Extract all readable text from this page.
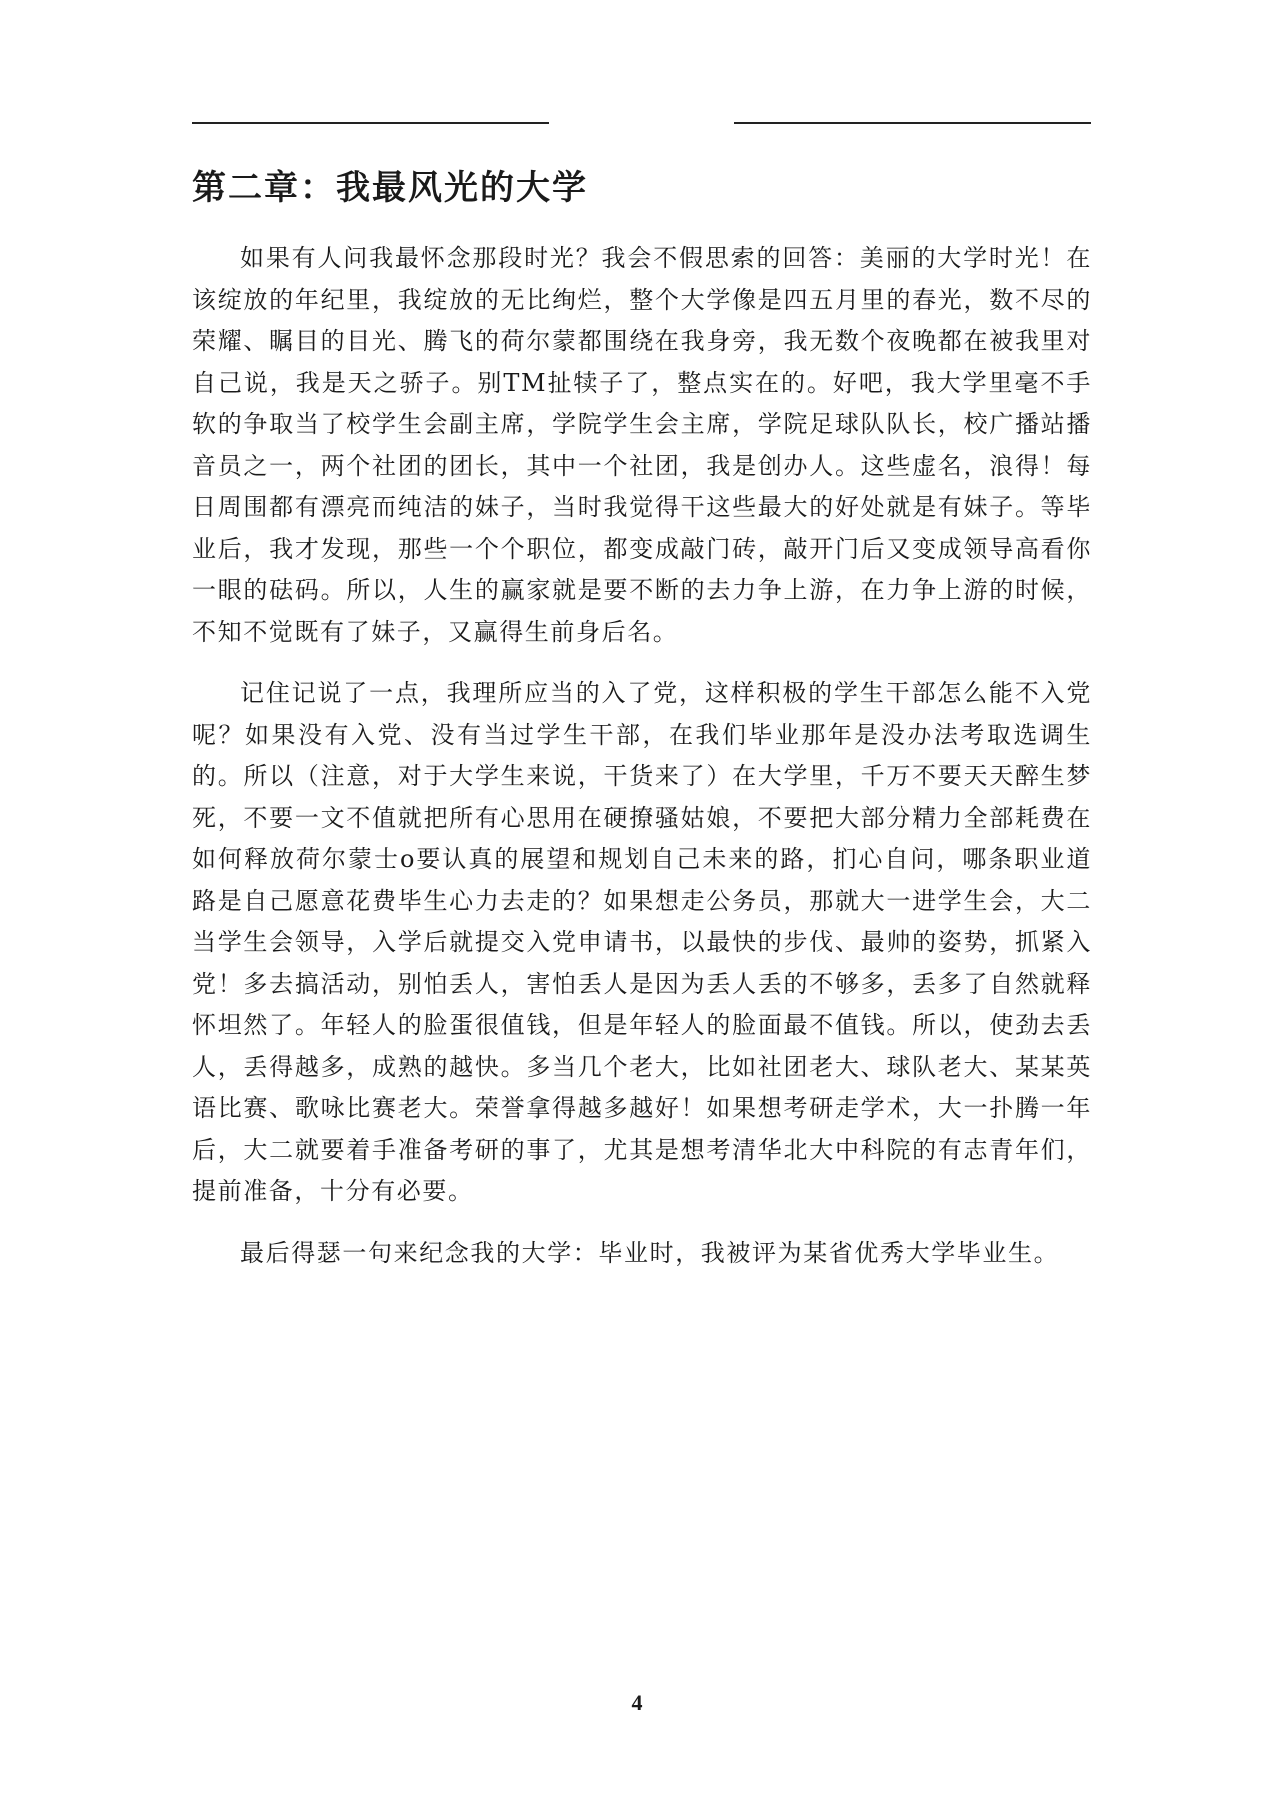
第二章：我最风光的大学

如果有人问我最怀念那段时光？我会不假思索的回答：美丽的大学时光！在该绽放的年纪里，我绽放的无比绚烂，整个大学像是四五月里的春光，数不尽的荣耀、瞩目的目光、腾飞的荷尔蒙都围绕在我身旁，我无数个夜晚都在被我里对自己说，我是天之骄子。别TM扯犊子了，整点实在的。好吧，我大学里毫不手软的争取当了校学生会副主席，学院学生会主席，学院足球队队长，校广播站播音员之一，两个社团的团长，其中一个社团，我是创办人。这些虚名，浪得！每日周围都有漂亮而纯洁的妹子，当时我觉得干这些最大的好处就是有妹子。等毕业后，我才发现，那些一个个职位，都变成敲门砖，敲开门后又变成领导高看你一眼的砝码。所以，人生的赢家就是要不断的去力争上游，在力争上游的时候，不知不觉既有了妹子，又赢得生前身后名。

记住记说了一点，我理所应当的入了党，这样积极的学生干部怎么能不入党呢？如果没有入党、没有当过学生干部，在我们毕业那年是没办法考取选调生的。所以（注意，对于大学生来说，干货来了）在大学里，千万不要天天醉生梦死，不要一文不值就把所有心思用在硬撩骚姑娘，不要把大部分精力全部耗费在如何释放荷尔蒙士o要认真的展望和规划自己未来的路，扪心自问，哪条职业道路是自己愿意花费毕生心力去走的？如果想走公务员，那就大一进学生会，大二当学生会领导，入学后就提交入党申请书，以最快的步伐、最帅的姿势，抓紧入党！多去搞活动，别怕丢人，害怕丢人是因为丢人丢的不够多，丢多了自然就释怀坦然了。年轻人的脸蛋很值钱，但是年轻人的脸面最不值钱。所以，使劲去丢人，丢得越多，成熟的越快。多当几个老大，比如社团老大、球队老大、某某英语比赛、歌咏比赛老大。荣誉拿得越多越好！如果想考研走学术，大一扑腾一年后，大二就要着手准备考研的事了，尤其是想考清华北大中科院的有志青年们，提前准备，十分有必要。

最后得瑟一句来纪念我的大学：毕业时，我被评为某省优秀大学毕业生。

4
